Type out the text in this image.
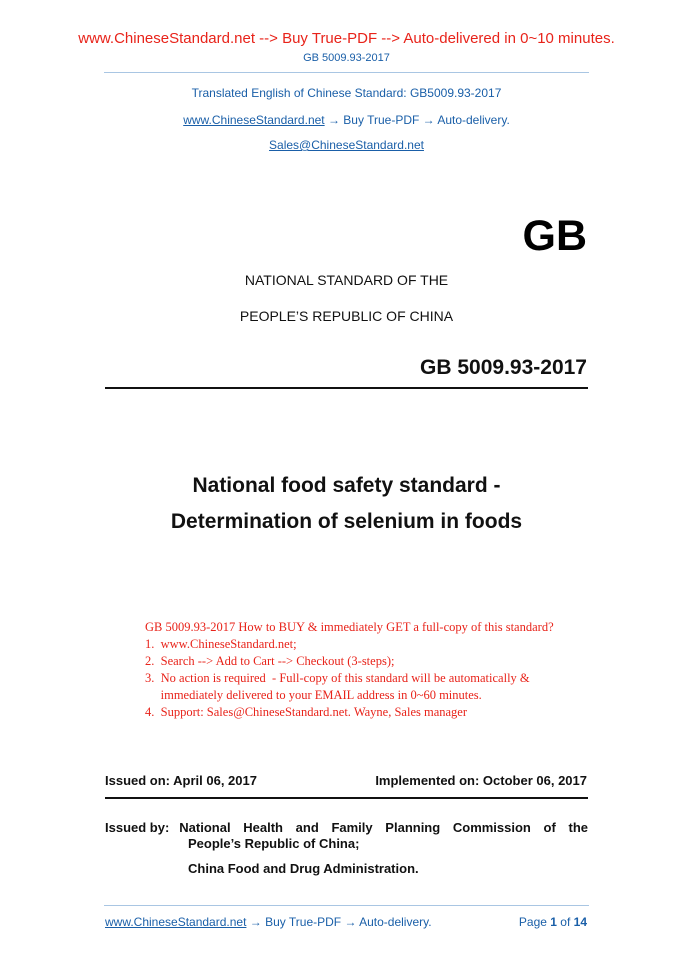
www.ChineseStandard.net --> Buy True-PDF --> Auto-delivered in 0~10 minutes.
GB 5009.93-2017
Translated English of Chinese Standard: GB5009.93-2017
www.ChineseStandard.net → Buy True-PDF → Auto-delivery.
Sales@ChineseStandard.net
GB
NATIONAL STANDARD OF THE
PEOPLE’S REPUBLIC OF CHINA
GB 5009.93-2017
National food safety standard -
Determination of selenium in foods
GB 5009.93-2017 How to BUY & immediately GET a full-copy of this standard?
1.  www.ChineseStandard.net;
2.  Search --> Add to Cart --> Checkout (3-steps);
3.  No action is required  - Full-copy of this standard will be automatically &
immediately delivered to your EMAIL address in 0~60 minutes.
4.  Support: Sales@ChineseStandard.net. Wayne, Sales manager
Issued on: April 06, 2017	Implemented on: October 06, 2017
Issued by: National Health and Family Planning Commission of the
People’s Republic of China;
China Food and Drug Administration.
www.ChineseStandard.net → Buy True-PDF → Auto-delivery.	Page 1 of 14
